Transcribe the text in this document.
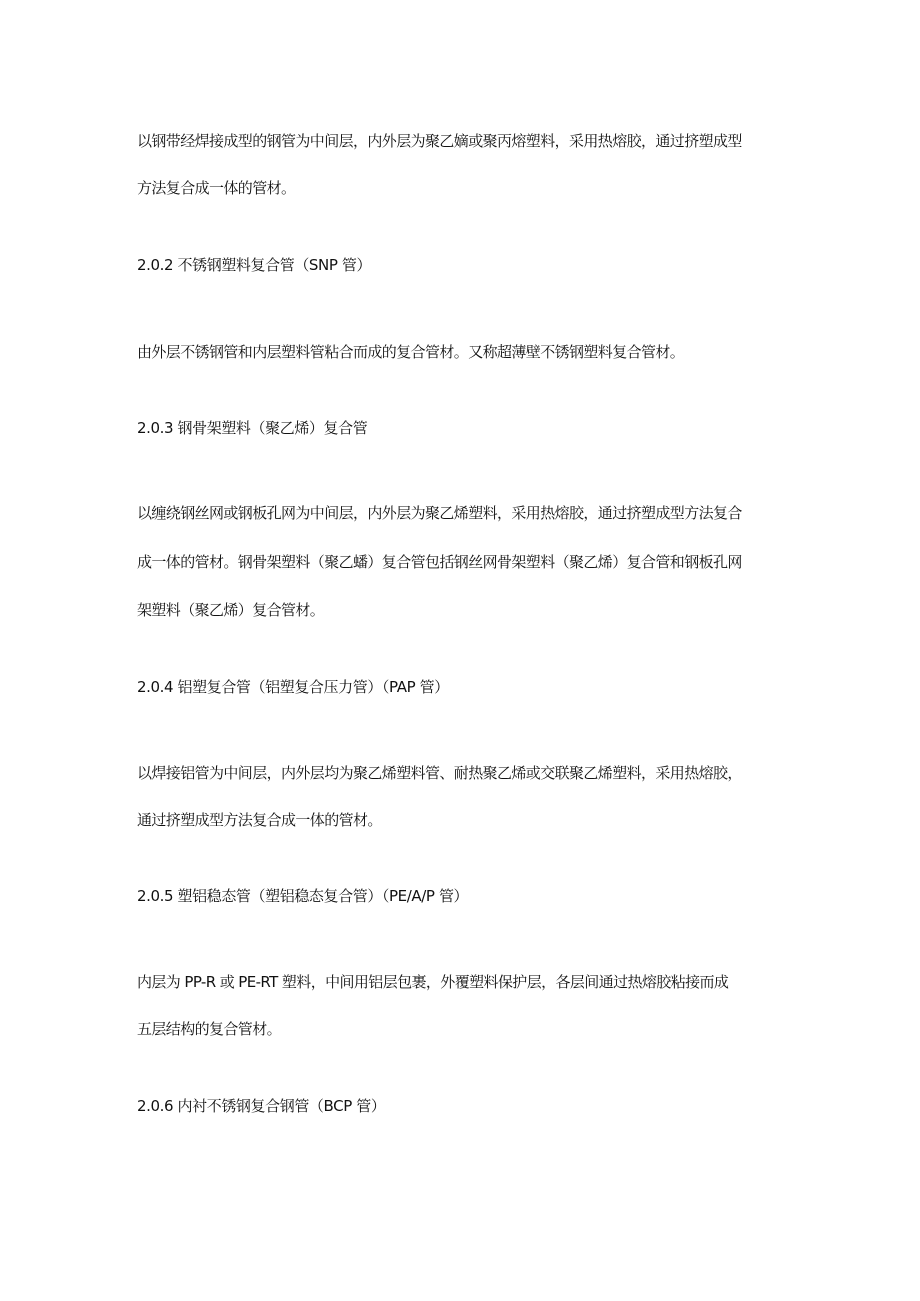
以钢带经焊接成型的钢管为中间层，内外层为聚乙嫡或聚丙熔塑料，采用热熔胶，通过挤塑成型
方法复合成一体的管材。
2.0.2 不锈钢塑料复合管（SNP 管）
由外层不锈钢管和内层塑料管粘合而成的复合管材。又称超薄壁不锈钢塑料复合管材。
2.0.3 钢骨架塑料（聚乙烯）复合管
以缠绕钢丝网或钢板孔网为中间层，内外层为聚乙烯塑料，采用热熔胶，通过挤塑成型方法复合
成一体的管材。钢骨架塑料（聚乙蟠）复合管包括钢丝网骨架塑料（聚乙烯）复合管和钢板孔网
架塑料（聚乙烯）复合管材。
2.0.4 铝塑复合管（铝塑复合压力管）（PAP 管）
以焊接铝管为中间层，内外层均为聚乙烯塑料管、耐热聚乙烯或交联聚乙烯塑料，采用热熔胶，
通过挤塑成型方法复合成一体的管材。
2.0.5 塑铝稳态管（塑铝稳态复合管）（PE/A/P 管）
内层为 PP-R 或 PE-RT 塑料，中间用铝层包裹，外覆塑料保护层，各层间通过热熔胶粘接而成
五层结构的复合管材。
2.0.6 内衬不锈钢复合钢管（BCP 管）
